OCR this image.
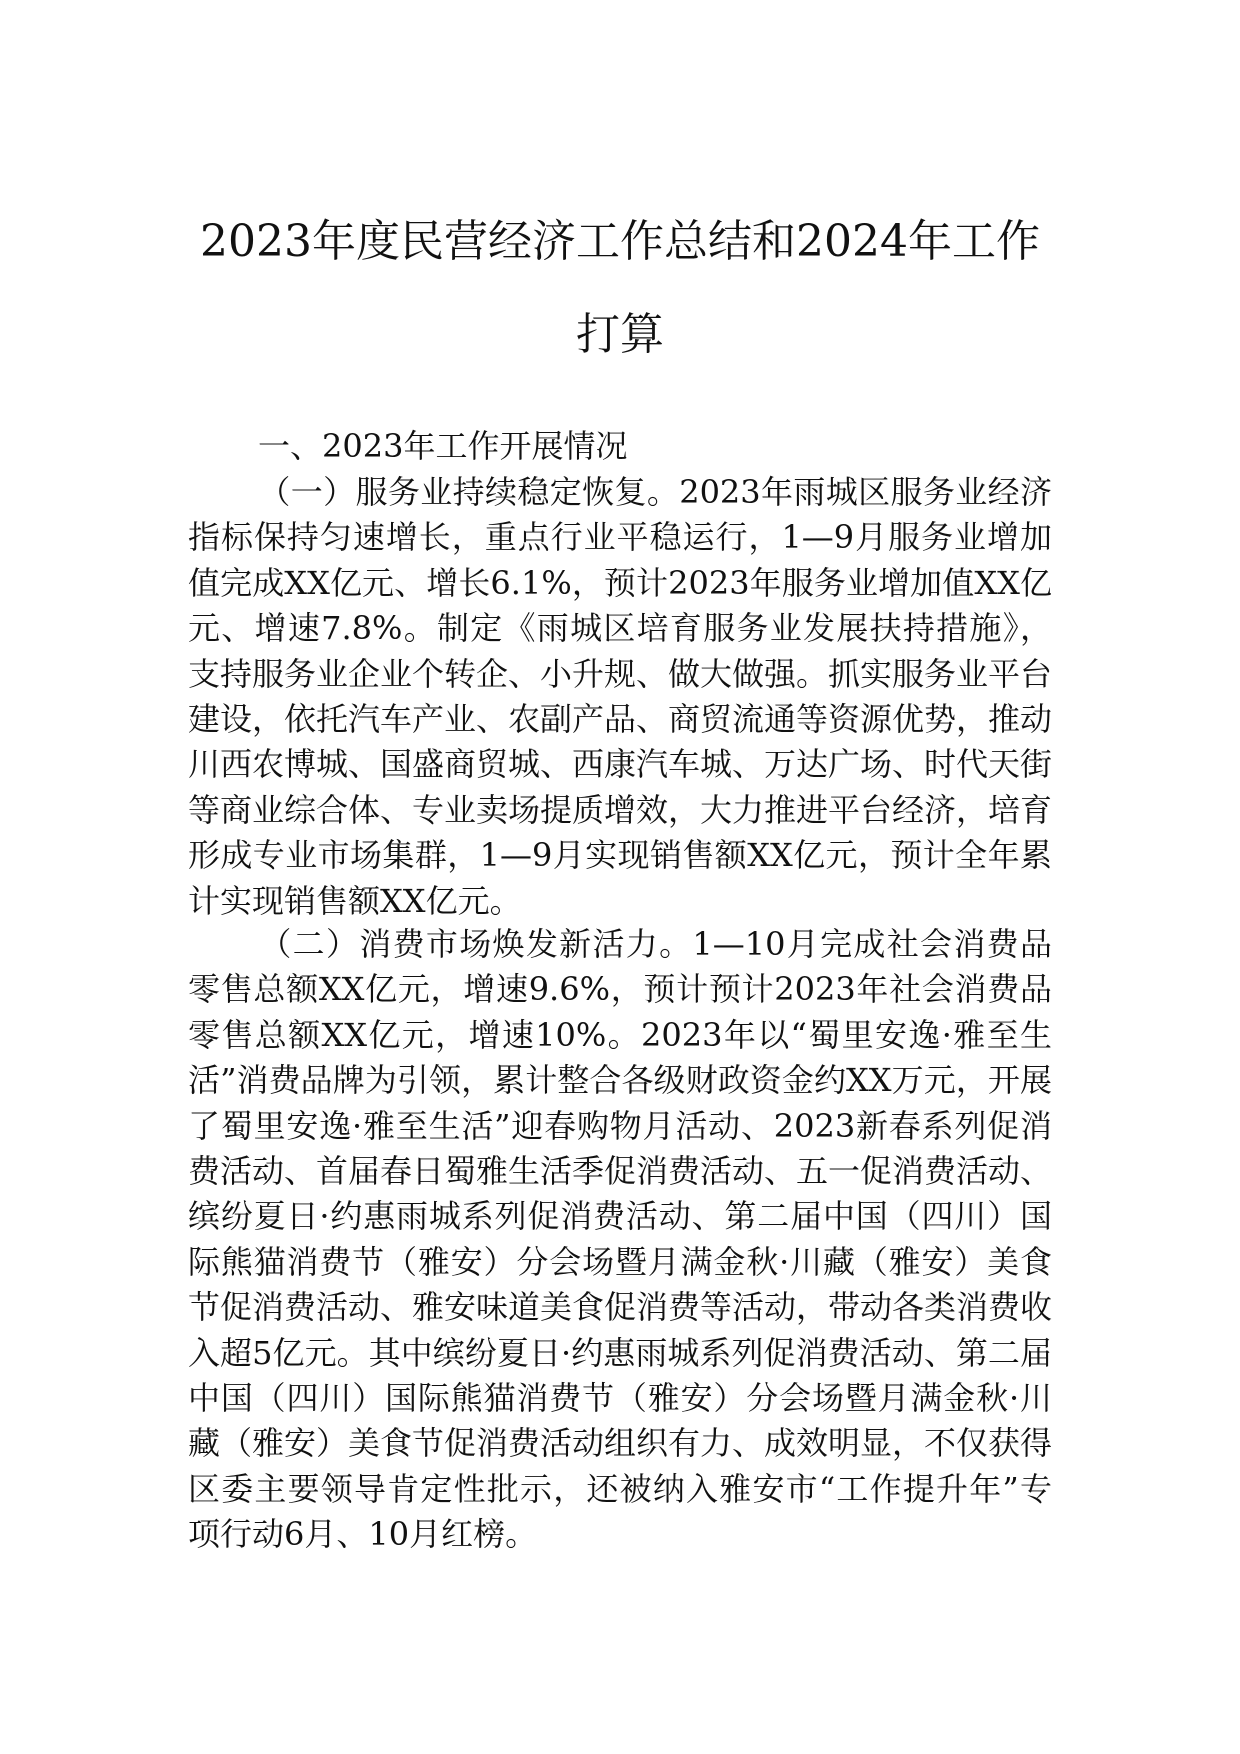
2023年度民营经济工作总结和2024年工作
打算

一、2023年工作开展情况

（一）服务业持续稳定恢复。2023年雨城区服务业经济指标保持匀速增长，重点行业平稳运行，1—9月服务业增加值完成XX亿元、增长6.1%，预计2023年服务业增加值XX亿元、增速7.8%。制定《雨城区培育服务业发展扶持措施》，支持服务业企业个转企、小升规、做大做强。抓实服务业平台建设，依托汽车产业、农副产品、商贸流通等资源优势，推动川西农博城、国盛商贸城、西康汽车城、万达广场、时代天街等商业综合体、专业卖场提质增效，大力推进平台经济，培育形成专业市场集群，1—9月实现销售额XX亿元，预计全年累计实现销售额XX亿元。

（二）消费市场焕发新活力。1—10月完成社会消费品零售总额XX亿元，增速9.6%，预计预计2023年社会消费品零售总额XX亿元，增速10%。2023年以“蜀里安逸·雅至生活”消费品牌为引领，累计整合各级财政资金约XX万元，开展了蜀里安逸·雅至生活”迎春购物月活动、2023新春系列促消费活动、首届春日蜀雅生活季促消费活动、五一促消费活动、缤纷夏日·约惠雨城系列促消费活动、第二届中国（四川）国际熊猫消费节（雅安）分会场暨月满金秋·川藏（雅安）美食节促消费活动、雅安味道美食促消费等活动，带动各类消费收入超5亿元。其中缤纷夏日·约惠雨城系列促消费活动、第二届中国（四川）国际熊猫消费节（雅安）分会场暨月满金秋·川藏（雅安）美食节促消费活动组织有力、成效明显，不仅获得区委主要领导肯定性批示，还被纳入雅安市“工作提升年”专项行动6月、10月红榜。
